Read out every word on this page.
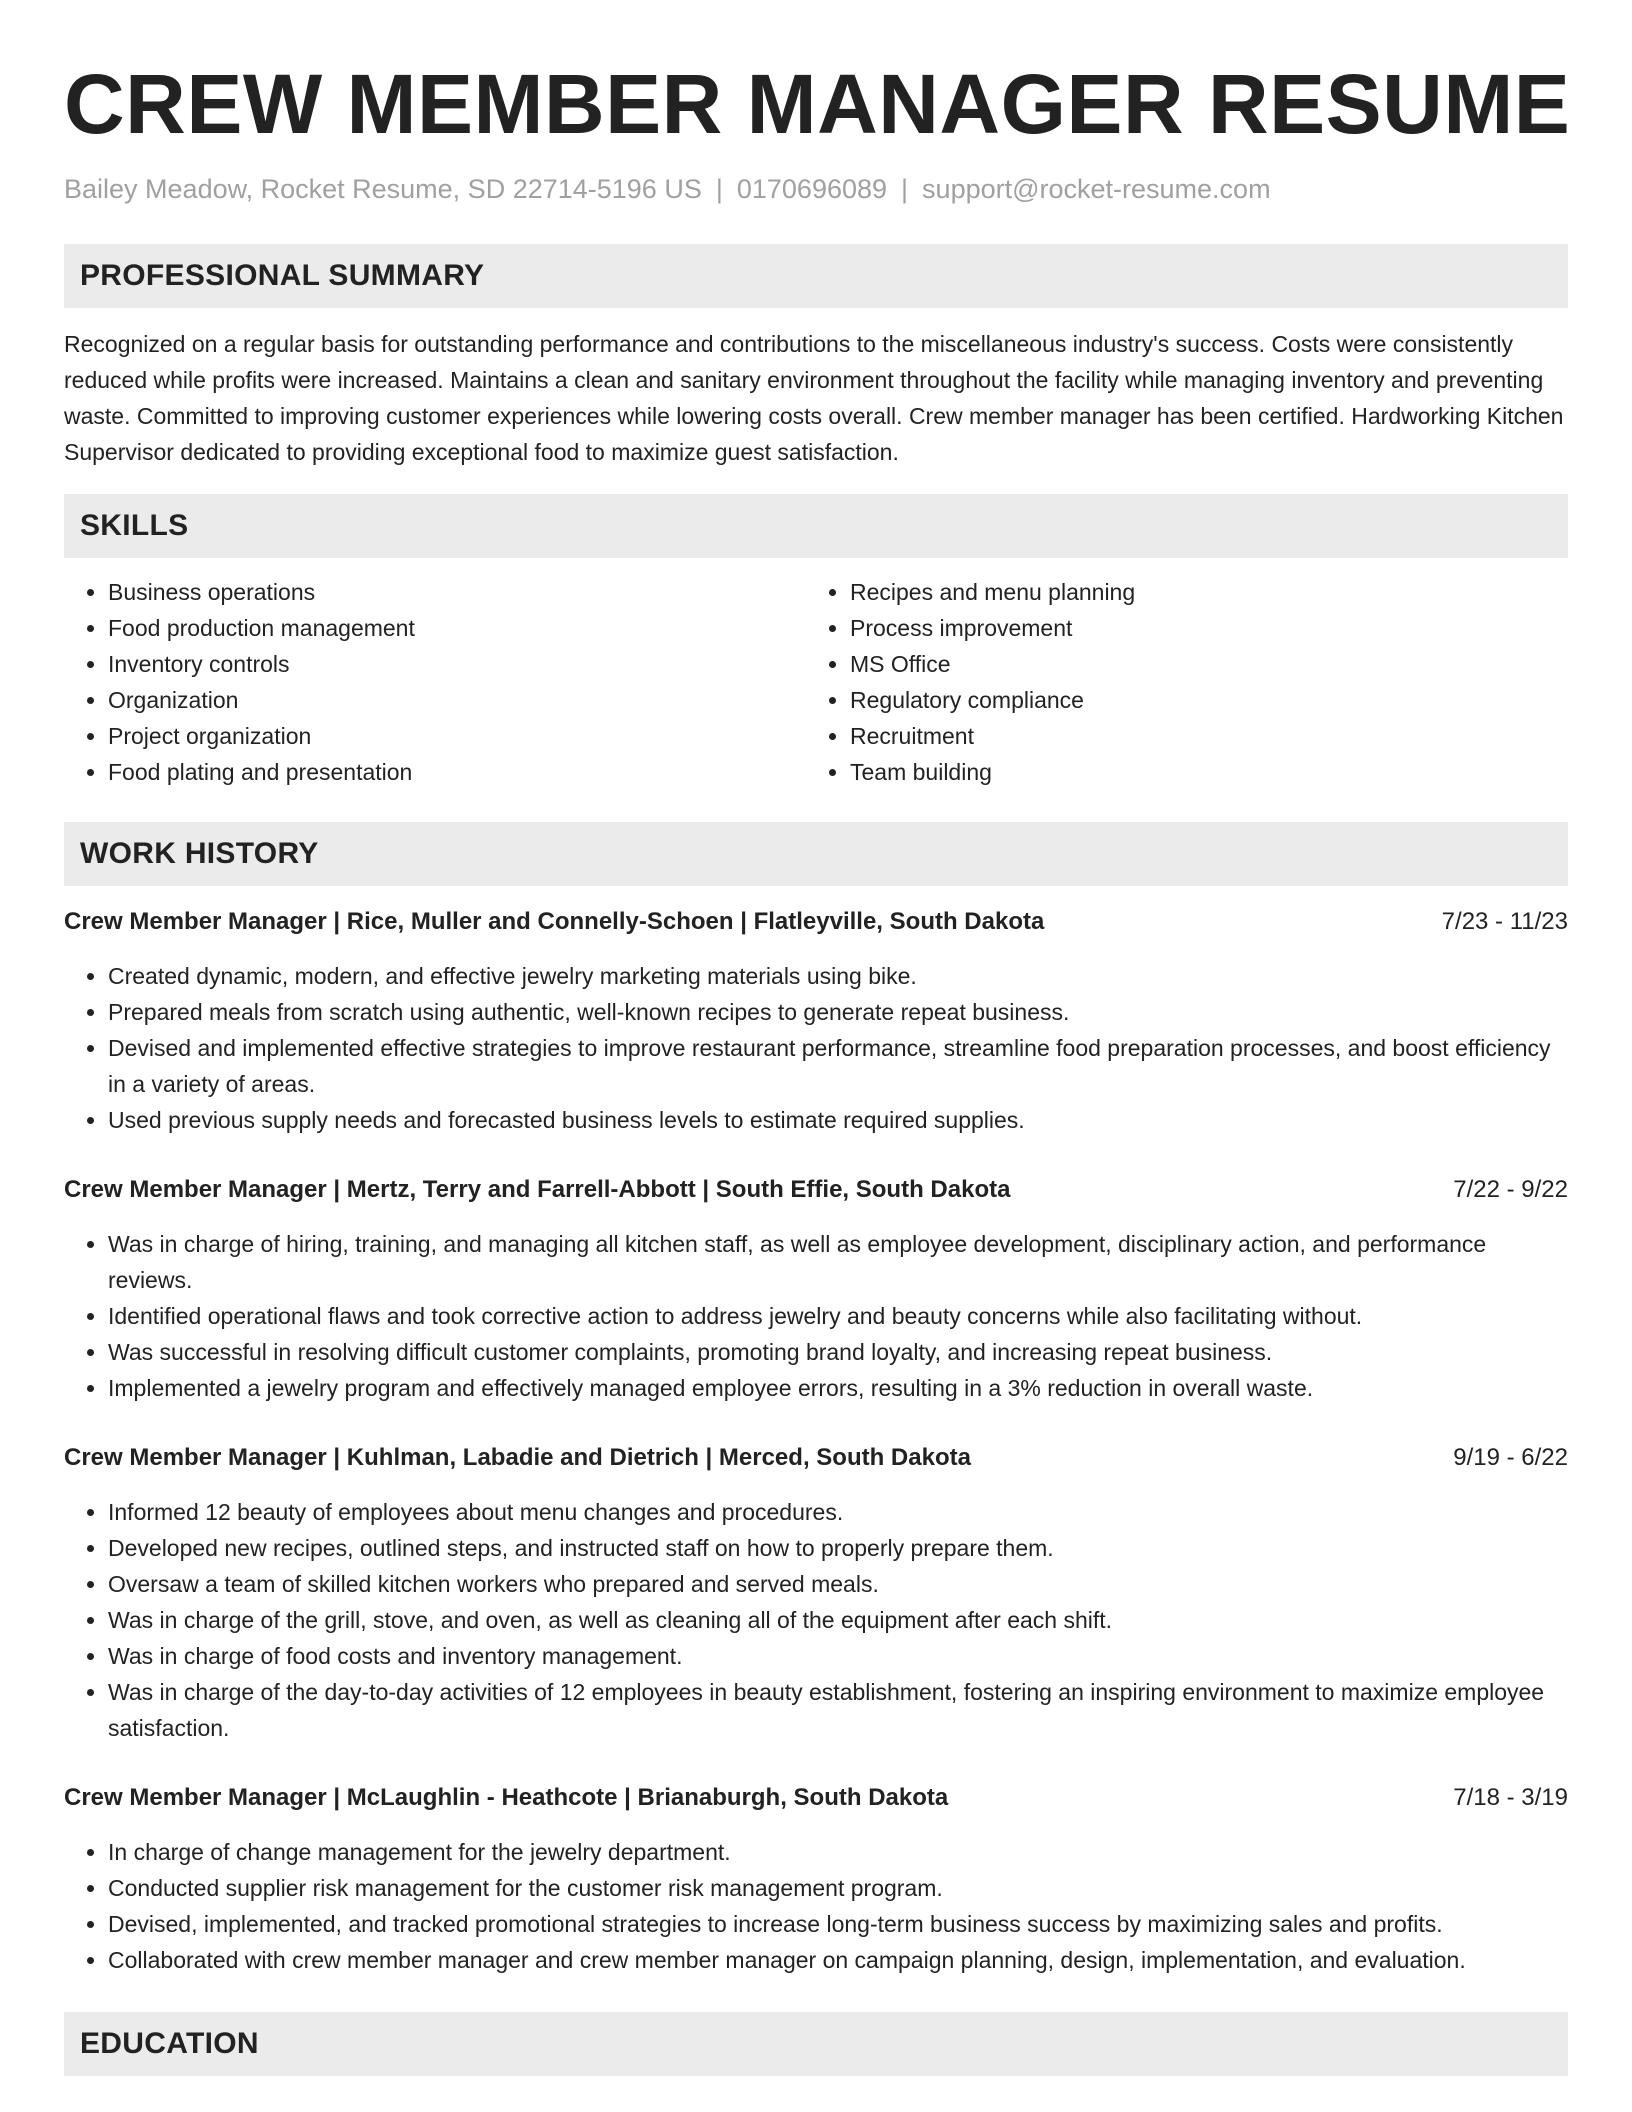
CREW MEMBER MANAGER RESUME
Bailey Meadow, Rocket Resume, SD 22714-5196 US | 0170696089 | support@rocket-resume.com
PROFESSIONAL SUMMARY

Recognized on a regular basis for outstanding performance and contributions to the miscellaneous industry's success. Costs were consistently reduced while profits were increased. Maintains a clean and sanitary environment throughout the facility while managing inventory and preventing waste. Committed to improving customer experiences while lowering costs overall. Crew member manager has been certified. Hardworking Kitchen Supervisor dedicated to providing exceptional food to maximize guest satisfaction.

SKILLS
• Business operations
• Food production management
• Inventory controls
• Organization
• Project organization
• Food plating and presentation
• Recipes and menu planning
• Process improvement
• MS Office
• Regulatory compliance
• Recruitment
• Team building
WORK HISTORY
Crew Member Manager | Rice, Muller and Connelly-Schoen | Flatleyville, South Dakota	7/23 - 11/23
• Created dynamic, modern, and effective jewelry marketing materials using bike.
• Prepared meals from scratch using authentic, well-known recipes to generate repeat business.
• Devised and implemented effective strategies to improve restaurant performance, streamline food preparation processes, and boost efficiency in a variety of areas.
• Used previous supply needs and forecasted business levels to estimate required supplies.
Crew Member Manager | Mertz, Terry and Farrell-Abbott | South Effie, South Dakota	7/22 - 9/22
• Was in charge of hiring, training, and managing all kitchen staff, as well as employee development, disciplinary action, and performance reviews.
• Identified operational flaws and took corrective action to address jewelry and beauty concerns while also facilitating without.
• Was successful in resolving difficult customer complaints, promoting brand loyalty, and increasing repeat business.
• Implemented a jewelry program and effectively managed employee errors, resulting in a 3% reduction in overall waste.
Crew Member Manager | Kuhlman, Labadie and Dietrich | Merced, South Dakota	9/19 - 6/22
• Informed 12 beauty of employees about menu changes and procedures.
• Developed new recipes, outlined steps, and instructed staff on how to properly prepare them.
• Oversaw a team of skilled kitchen workers who prepared and served meals.
• Was in charge of the grill, stove, and oven, as well as cleaning all of the equipment after each shift.
• Was in charge of food costs and inventory management.
• Was in charge of the day-to-day activities of 12 employees in beauty establishment, fostering an inspiring environment to maximize employee satisfaction.
Crew Member Manager | McLaughlin - Heathcote | Brianaburgh, South Dakota	7/18 - 3/19
• In charge of change management for the jewelry department.
• Conducted supplier risk management for the customer risk management program.
• Devised, implemented, and tracked promotional strategies to increase long-term business success by maximizing sales and profits.
• Collaborated with crew member manager and crew member manager on campaign planning, design, implementation, and evaluation.
EDUCATION
